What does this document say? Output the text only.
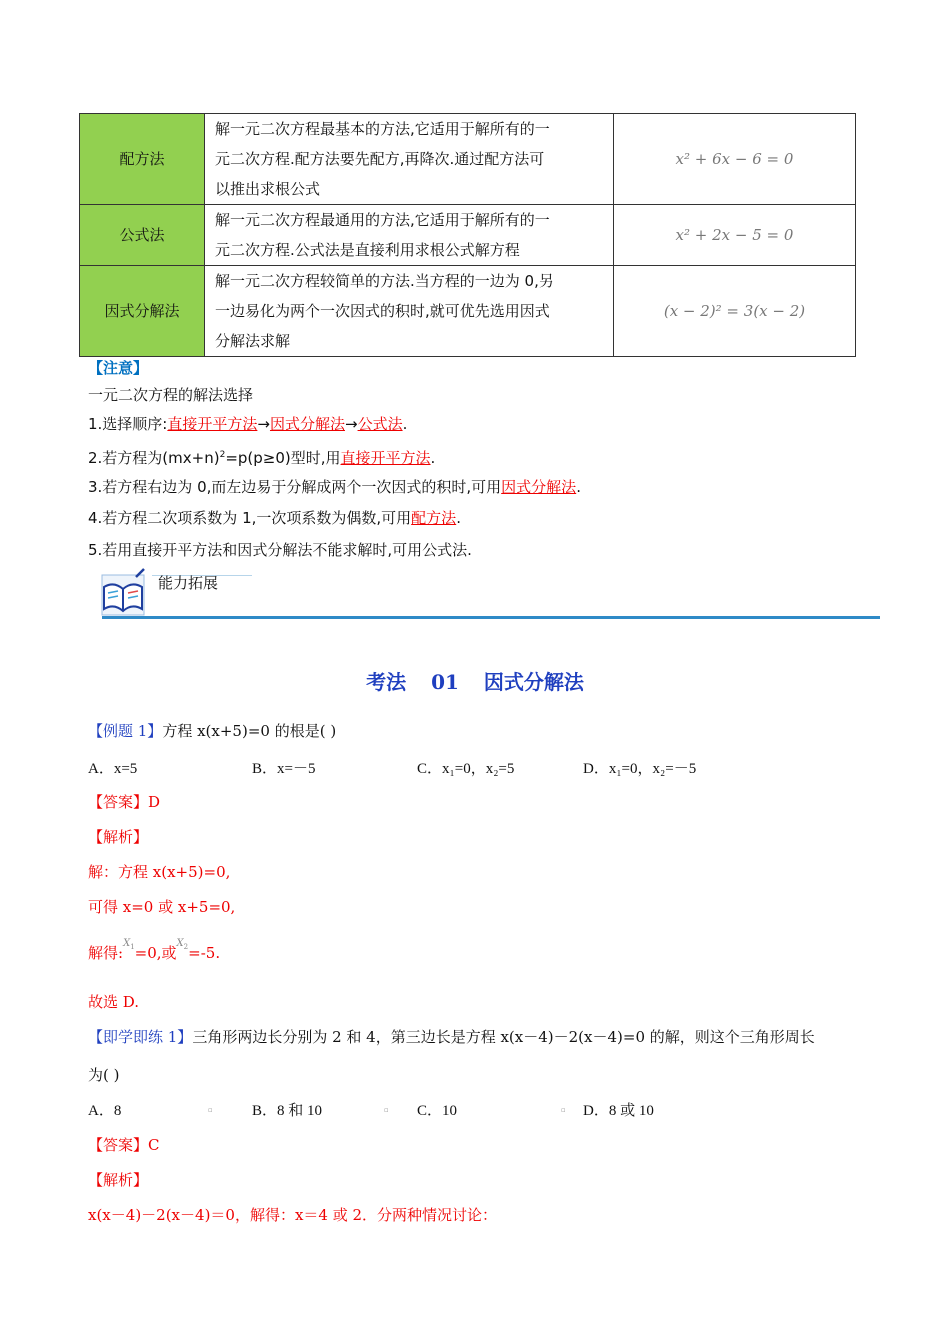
配方法	解一元二次方程最基本的方法,它适用于解所有的一
元二次方程.配方法要先配方,再降次.通过配方法可
以推出求根公式	x² + 6x − 6 = 0
公式法	解一元二次方程最通用的方法,它适用于解所有的一
元二次方程.公式法是直接利用求根公式解方程	x² + 2x − 5 = 0
因式分解法	解一元二次方程较简单的方法.当方程的一边为 0,另
一边易化为两个一次因式的积时,就可优先选用因式
分解法求解	(x − 2)² = 3(x − 2)
【注意】
一元二次方程的解法选择
1.选择顺序:直接开平方法→因式分解法→公式法.
2.若方程为$(mx+n)^2=p(p\ge 0)$型时,用直接开平方法.
3.若方程右边为 0,而左边易于分解成两个一次因式的积时,可用因式分解法.
4.若方程二次项系数为 1,一次项系数为偶数,可用配方法.
5.若用直接开平方法和因式分解法不能求解时,可用公式法.
能力拓展
考法 01 因式分解法
【例题 1】方程 x(x+5)=0 的根是( )
A．x=5	B．x=－5	C．x₁=0，x₂=5	D．x₁=0，x₂=－5
【答案】D
【解析】
解：方程 x(x+5)=0,
可得 x=0 或 x+5=0,
解得:$^{X1}$=0,或$^{X2}$=-5.
故选 D.
【即学即练 1】三角形两边长分别为 2 和 4，第三边长是方程 x(x－4)－2(x－4)=0 的解，则这个三角形周长
为( )
A．8	▫	B．8 和 10	▫ C．10	▫ D．8 或 10
【答案】C
【解析】
x(x－4)－2(x－4)＝0，解得：x＝4 或 2．分两种情况讨论：
